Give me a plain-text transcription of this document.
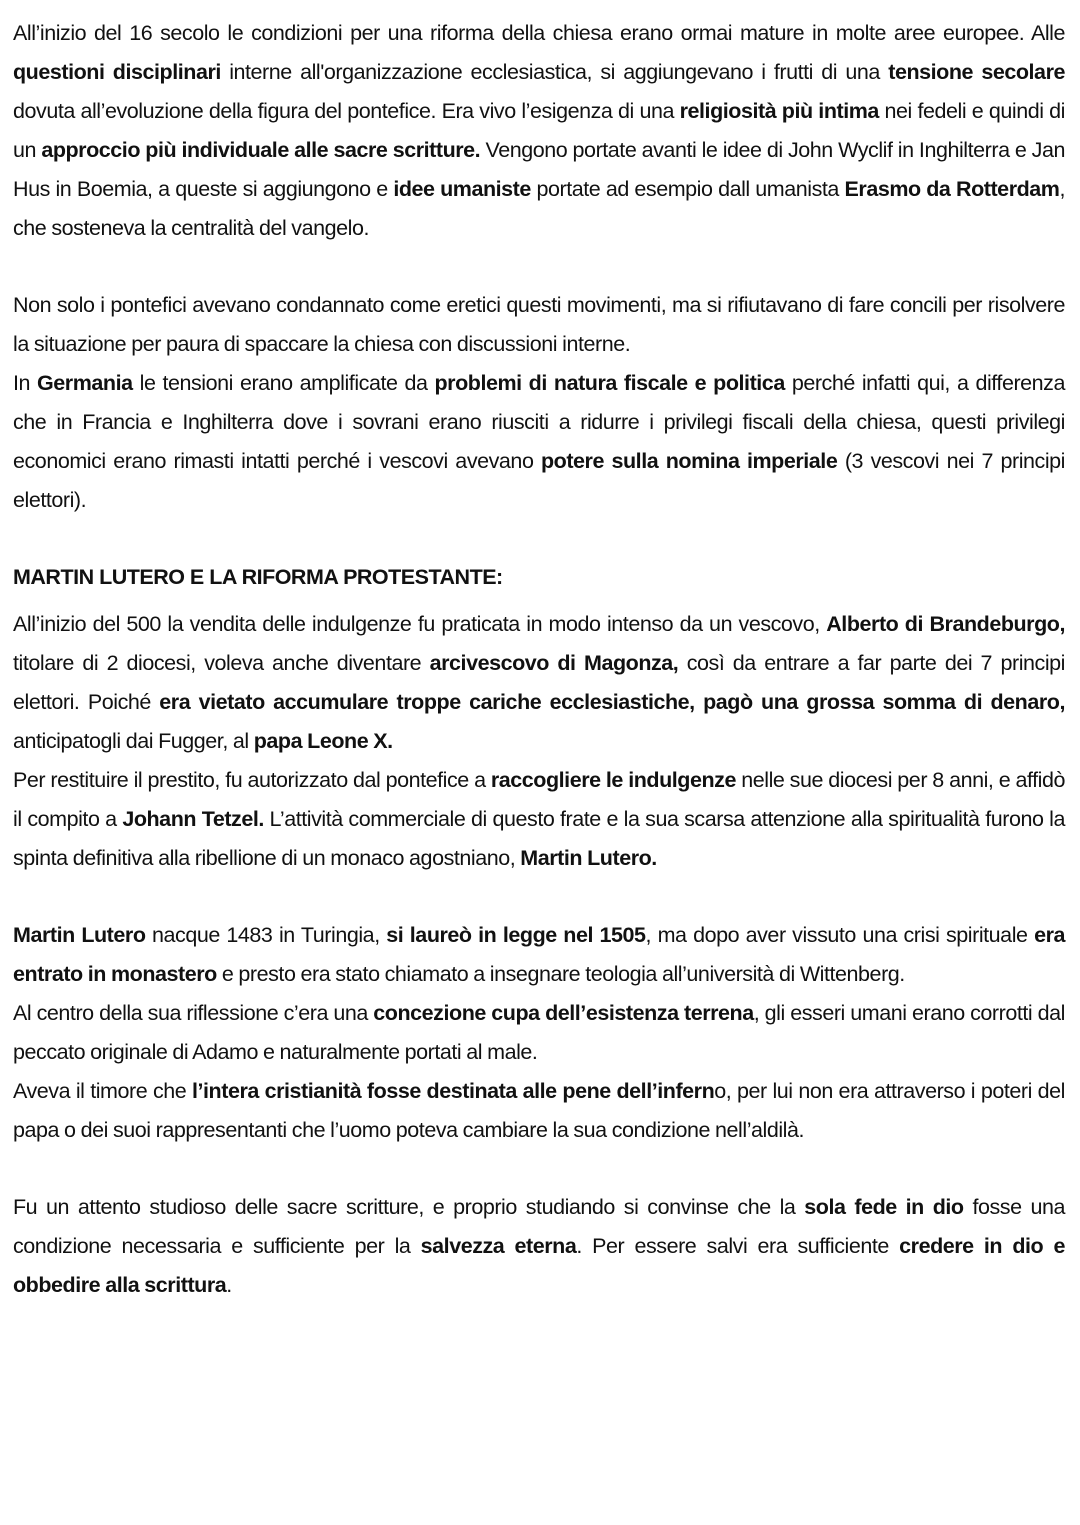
All’inizio del 16 secolo le condizioni per una riforma della chiesa erano ormai mature in molte aree europee. Alle questioni disciplinari interne all'organizzazione ecclesiastica, si aggiungevano i frutti di una tensione secolare dovuta all’evoluzione della figura del pontefice. Era vivo l’esigenza di una religiosità più intima nei fedeli e quindi di un approccio più individuale alle sacre scritture. Vengono portate avanti le idee di John Wyclif in Inghilterra e Jan Hus in Boemia, a queste si aggiungono e idee umaniste portate ad esempio dall umanista Erasmo da Rotterdam, che sosteneva la centralità del vangelo.

Non solo i pontefici avevano condannato come eretici questi movimenti, ma si rifiutavano di fare concili per risolvere la situazione per paura di spaccare la chiesa con discussioni interne.

In Germania le tensioni erano amplificate da problemi di natura fiscale e politica perché infatti qui, a differenza che in Francia e Inghilterra dove i sovrani erano riusciti a ridurre i privilegi fiscali della chiesa, questi privilegi economici erano rimasti intatti perché i vescovi avevano potere sulla nomina imperiale (3 vescovi nei 7 principi elettori).

MARTIN LUTERO E LA RIFORMA PROTESTANTE:

All’inizio del 500 la vendita delle indulgenze fu praticata in modo intenso da un vescovo, Alberto di Brandeburgo, titolare di 2 diocesi, voleva anche diventare arcivescovo di Magonza, così da entrare a far parte dei 7 principi elettori. Poiché era vietato accumulare troppe cariche ecclesiastiche, pagò una grossa somma di denaro, anticipatogli dai Fugger, al papa Leone X.

Per restituire il prestito, fu autorizzato dal pontefice a raccogliere le indulgenze nelle sue diocesi per 8 anni, e affidò il compito a Johann Tetzel. L’attività commerciale di questo frate e la sua scarsa attenzione alla spiritualità furono la spinta definitiva alla ribellione di un monaco agostniano, Martin Lutero.

Martin Lutero nacque 1483 in Turingia, si laureò in legge nel 1505, ma dopo aver vissuto una crisi spirituale era entrato in monastero e presto era stato chiamato a insegnare teologia all’università di Wittenberg.

Al centro della sua riflessione c’era una concezione cupa dell’esistenza terrena, gli esseri umani erano corrotti dal peccato originale di Adamo e naturalmente portati al male.

Aveva il timore che l’intera cristianità fosse destinata alle pene dell’inferno, per lui non era attraverso i poteri del papa o dei suoi rappresentanti che l’uomo poteva cambiare la sua condizione nell’aldilà.

Fu un attento studioso delle sacre scritture, e proprio studiando si convinse che la sola fede in dio fosse una condizione necessaria e sufficiente per la salvezza eterna. Per essere salvi era sufficiente credere in dio e obbedire alla scrittura.
